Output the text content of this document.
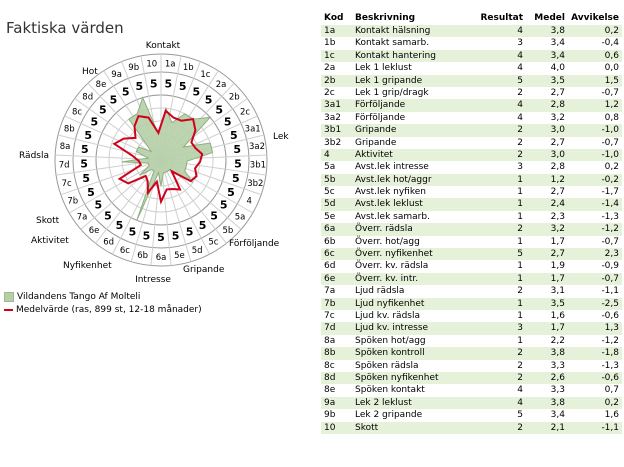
Faktiska värden
5
1a
5
1b
5
1c
5
2a
5
2b
5
2c
5 3a1
5 3a2
5 3b1
5 3b2
5
4
5
5a
5
5b
5
5c
5
5d
5
5e
5
6a
5
6b
5
6c
5
6d
5
6e
5
7a
5
7b
5
7c
5
7d
5
8a
5
8b
5
8c 5
8d 5
8e
5
9a
5
9b
5
10
Kontakt
Lek
Förföljande
Gripande
Intresse
Nyfikenhet
Aktivitet
Skott
Rädsla
Hot
Vildandens Tango Af Molteli
Medelvärde (ras, 899 st, 12-18 månader)
Kod	Beskrivning	Resultat	Medel Avvikelse
1a	Kontakt hälsning	4	3,8	0,2
1b	Kontakt samarb.	3	3,4	-0,4
1c	Kontakt hantering	4	3,4	0,6
2a	Lek 1 leklust	4	4,0	0,0
2b	Lek 1 gripande	5	3,5	1,5
2c	Lek 1 grip/dragk	2	2,7	-0,7
3a1	Förföljande	4	2,8	1,2
3a2	Förföljande	4	3,2	0,8
3b1	Gripande	2	3,0	-1,0
3b2	Gripande	2	2,7	-0,7
4	Aktivitet	2	3,0	-1,0
5a	Avst.lek intresse	3	2,8	0,2
5b	Avst.lek hot/aggr	1	1,2	-0,2
5c	Avst.lek nyfiken	1	2,7	-1,7
5d	Avst.lek leklust	1	2,4	-1,4
5e	Avst.lek samarb.	1	2,3	-1,3
6a	Överr. rädsla	2	3,2	-1,2
6b	Överr. hot/agg	1	1,7	-0,7
6c	Överr. nyfikenhet	5	2,7	2,3
6d	Överr. kv. rädsla	1	1,9	-0,9
6e	Överr. kv. intr.	1	1,7	-0,7
7a	Ljud rädsla	2	3,1	-1,1
7b	Ljud nyfikenhet	1	3,5	-2,5
7c	Ljud kv. rädsla	1	1,6	-0,6
7d	Ljud kv. intresse	3	1,7	1,3
8a	Spöken hot/agg	1	2,2	-1,2
8b	Spöken kontroll	2	3,8	-1,8
8c	Spöken rädsla	2	3,3	-1,3
8d	Spöken nyfikenhet	2	2,6	-0,6
8e	Spöken kontakt	4	3,3	0,7
9a	Lek 2 leklust	4	3,8	0,2
9b	Lek 2 gripande	5	3,4	1,6
10	Skott	2	2,1	-1,1
